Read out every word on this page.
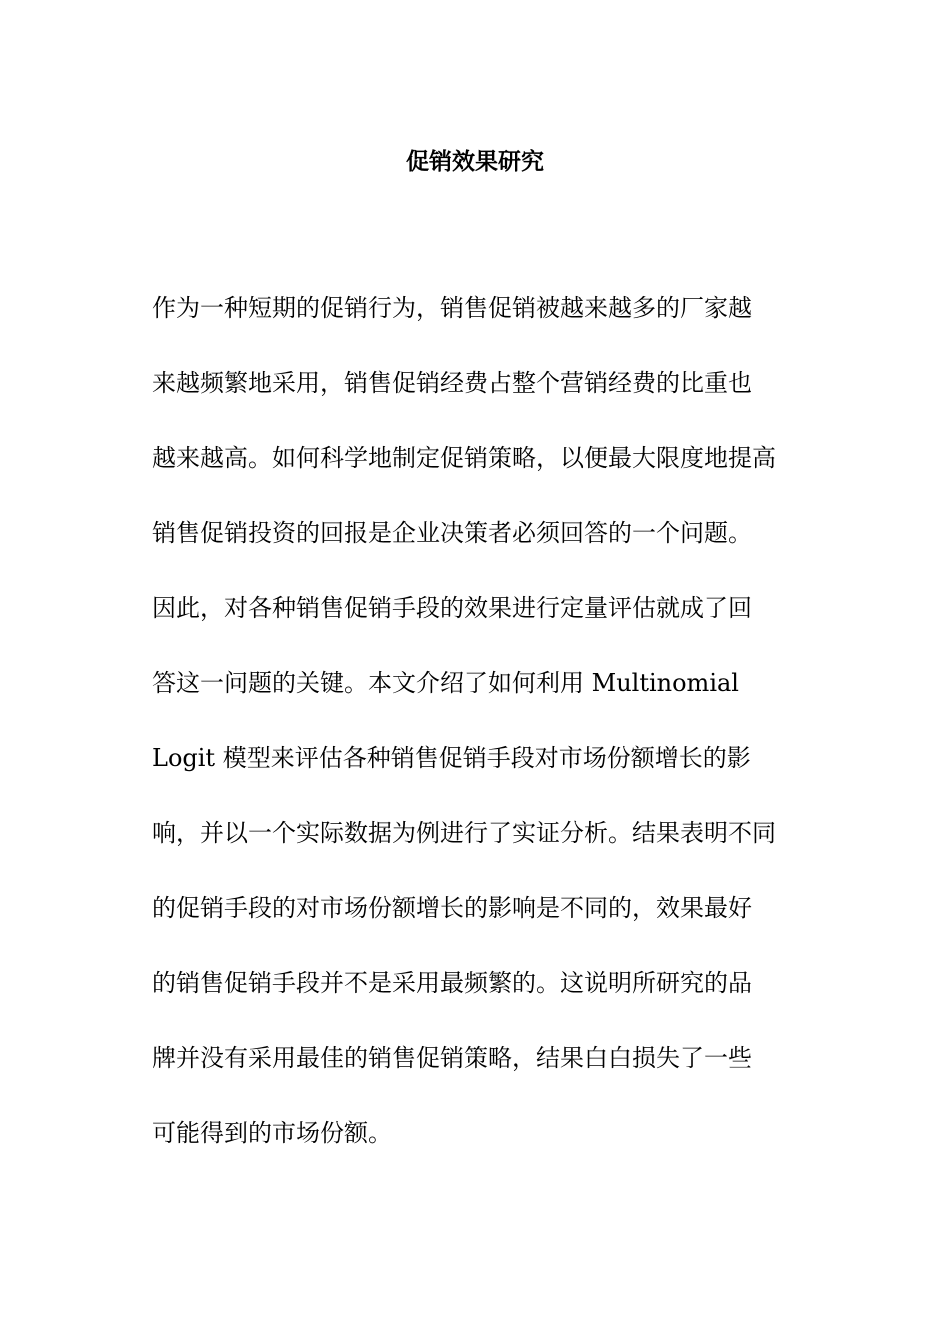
促销效果研究
作为一种短期的促销行为，销售促销被越来越多的厂家越
来越频繁地采用，销售促销经费占整个营销经费的比重也
越来越高。如何科学地制定促销策略，以便最大限度地提高
销售促销投资的回报是企业决策者必须回答的一个问题。
因此，对各种销售促销手段的效果进行定量评估就成了回
答这一问题的关键。本文介绍了如何利用 Multinomial
Logit 模型来评估各种销售促销手段对市场份额增长的影
响，并以一个实际数据为例进行了实证分析。结果表明不同
的促销手段的对市场份额增长的影响是不同的，效果最好
的销售促销手段并不是采用最频繁的。这说明所研究的品
牌并没有采用最佳的销售促销策略，结果白白损失了一些
可能得到的市场份额。
